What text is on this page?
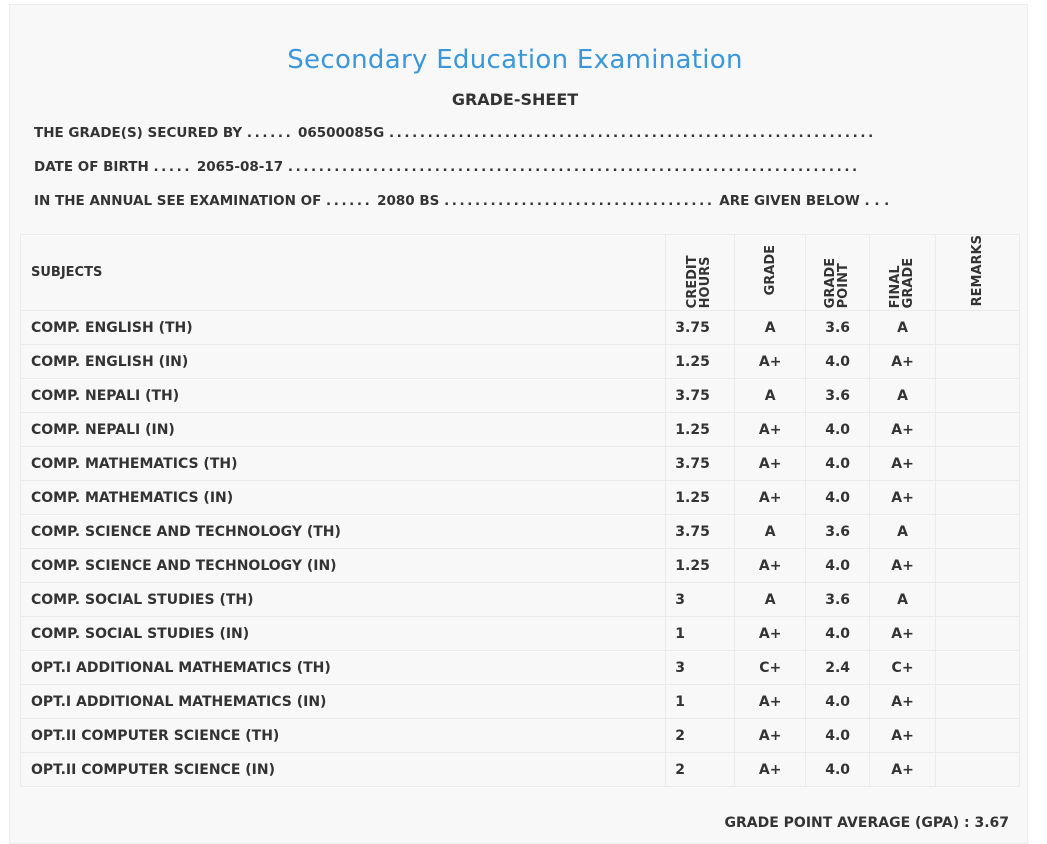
Secondary Education Examination
GRADE-SHEET
THE GRADE(S) SECURED BY ...... 06500085G ...............................................................
DATE OF BIRTH ..... 2065-08-17 ..........................................................................
IN THE ANNUAL SEE EXAMINATION OF ...... 2080 BS ................................... ARE GIVEN BELOW . . .
SUBJECTS	CREDIT HOURS	GRADE	GRADE POINT	FINAL GRADE	REMARKS
COMP. ENGLISH (TH)	3.75	A	3.6	A	
COMP. ENGLISH (IN)	1.25	A+	4.0	A+	
COMP. NEPALI (TH)	3.75	A	3.6	A	
COMP. NEPALI (IN)	1.25	A+	4.0	A+	
COMP. MATHEMATICS (TH)	3.75	A+	4.0	A+	
COMP. MATHEMATICS (IN)	1.25	A+	4.0	A+	
COMP. SCIENCE AND TECHNOLOGY (TH)	3.75	A	3.6	A	
COMP. SCIENCE AND TECHNOLOGY (IN)	1.25	A+	4.0	A+	
COMP. SOCIAL STUDIES (TH)	3	A	3.6	A	
COMP. SOCIAL STUDIES (IN)	1	A+	4.0	A+	
OPT.I ADDITIONAL MATHEMATICS (TH)	3	C+	2.4	C+	
OPT.I ADDITIONAL MATHEMATICS (IN)	1	A+	4.0	A+	
OPT.II COMPUTER SCIENCE (TH)	2	A+	4.0	A+	
OPT.II COMPUTER SCIENCE (IN)	2	A+	4.0	A+	
GRADE POINT AVERAGE (GPA) : 3.67
